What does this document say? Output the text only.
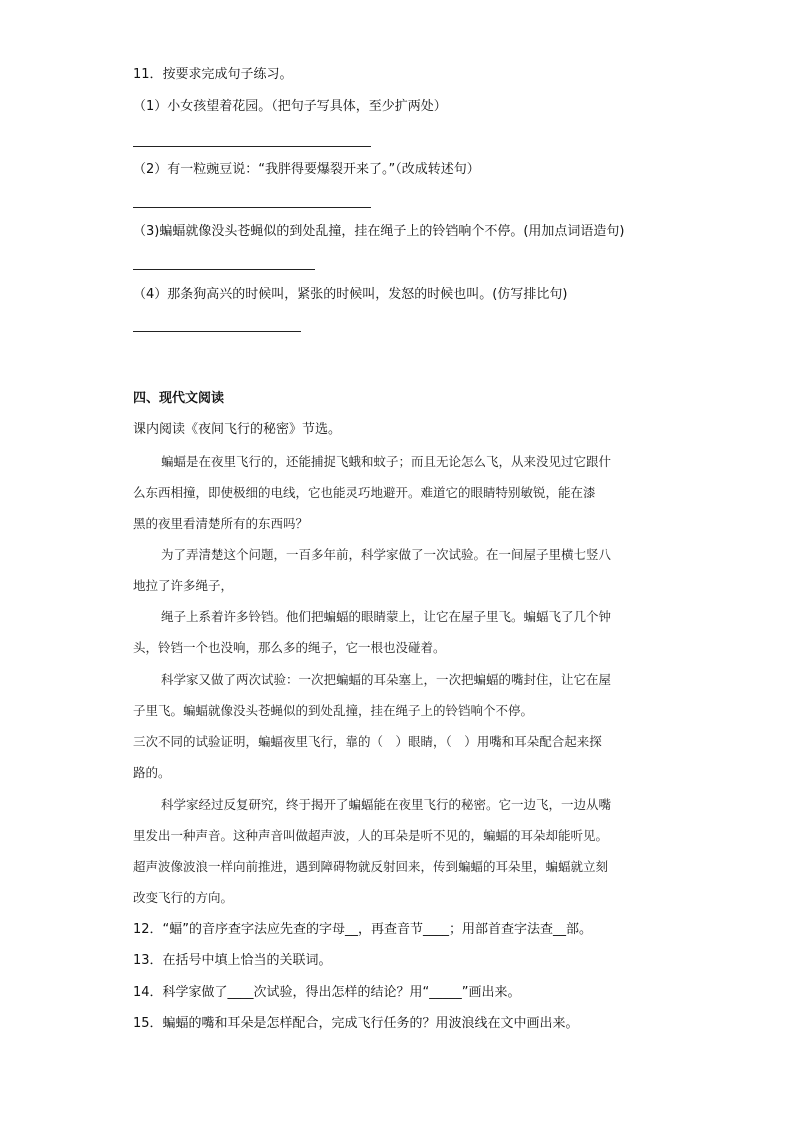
11．按要求完成句子练习。
（1）小女孩望着花园。（把句子写具体，至少扩两处）
（2）有一粒豌豆说：“我胖得要爆裂开来了。”（改成转述句）
（3)蝙蝠就像没头苍蝇似的到处乱撞，挂在绳子上的铃铛响个不停。(用加点词语造句)
（4）那条狗高兴的时候叫，紧张的时候叫，发怒的时候也叫。(仿写排比句)
四、现代文阅读
课内阅读《夜间飞行的秘密》节选。
蝙蝠是在夜里飞行的，还能捕捉飞蛾和蚊子；而且无论怎么飞，从来没见过它跟什
么东西相撞，即使极细的电线，它也能灵巧地避开。难道它的眼睛特别敏锐，能在漆
黑的夜里看清楚所有的东西吗？
为了弄清楚这个问题，一百多年前，科学家做了一次试验。在一间屋子里横七竖八
地拉了许多绳子，
绳子上系着许多铃铛。他们把蝙蝠的眼睛蒙上，让它在屋子里飞。蝙蝠飞了几个钟
头，铃铛一个也没响，那么多的绳子，它一根也没碰着。
科学家又做了两次试验：一次把蝙蝠的耳朵塞上，一次把蝙蝠的嘴封住，让它在屋
子里飞。蝙蝠就像没头苍蝇似的到处乱撞，挂在绳子上的铃铛响个不停。
三次不同的试验证明，蝙蝠夜里飞行，靠的（　）眼睛，（　）用嘴和耳朵配合起来探
路的。
科学家经过反复研究，终于揭开了蝙蝠能在夜里飞行的秘密。它一边飞，一边从嘴
里发出一种声音。这种声音叫做超声波，人的耳朵是听不见的，蝙蝠的耳朵却能听见。
超声波像波浪一样向前推进，遇到障碍物就反射回来，传到蝙蝠的耳朵里，蝙蝠就立刻
改变飞行的方向。
12．“蝠”的音序查字法应先查的字母__，再查音节____；用部首查字法查__部。
13．在括号中填上恰当的关联词。
14．科学家做了____次试验，得出怎样的结论？用“_____”画出来。
15．蝙蝠的嘴和耳朵是怎样配合，完成飞行任务的？用波浪线在文中画出来。
